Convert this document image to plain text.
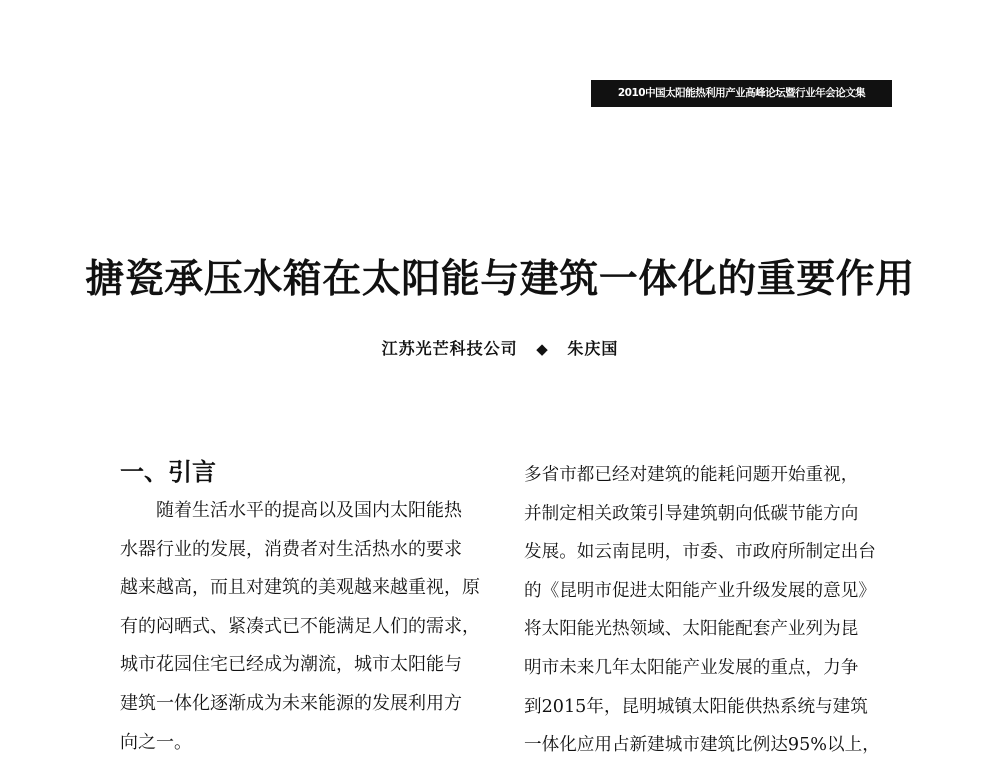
2010中国太阳能热利用产业高峰论坛暨行业年会论文集
搪瓷承压水箱在太阳能与建筑一体化的重要作用
江苏光芒科技公司 ◆ 朱庆国
一、引言

随着生活水平的提高以及国内太阳能热
水器行业的发展，消费者对生活热水的要求
越来越高，而且对建筑的美观越来越重视，原
有的闷晒式、紧凑式已不能满足人们的需求，
城市花园住宅已经成为潮流，城市太阳能与
建筑一体化逐渐成为未来能源的发展利用方
向之一。

多省市都已经对建筑的能耗问题开始重视，
并制定相关政策引导建筑朝向低碳节能方向
发展。如云南昆明，市委、市政府所制定出台
的《昆明市促进太阳能产业升级发展的意见》
将太阳能光热领域、太阳能配套产业列为昆
明市未来几年太阳能产业发展的重点，力争
到2015年，昆明城镇太阳能供热系统与建筑
一体化应用占新建城市建筑比例达95%以上，
